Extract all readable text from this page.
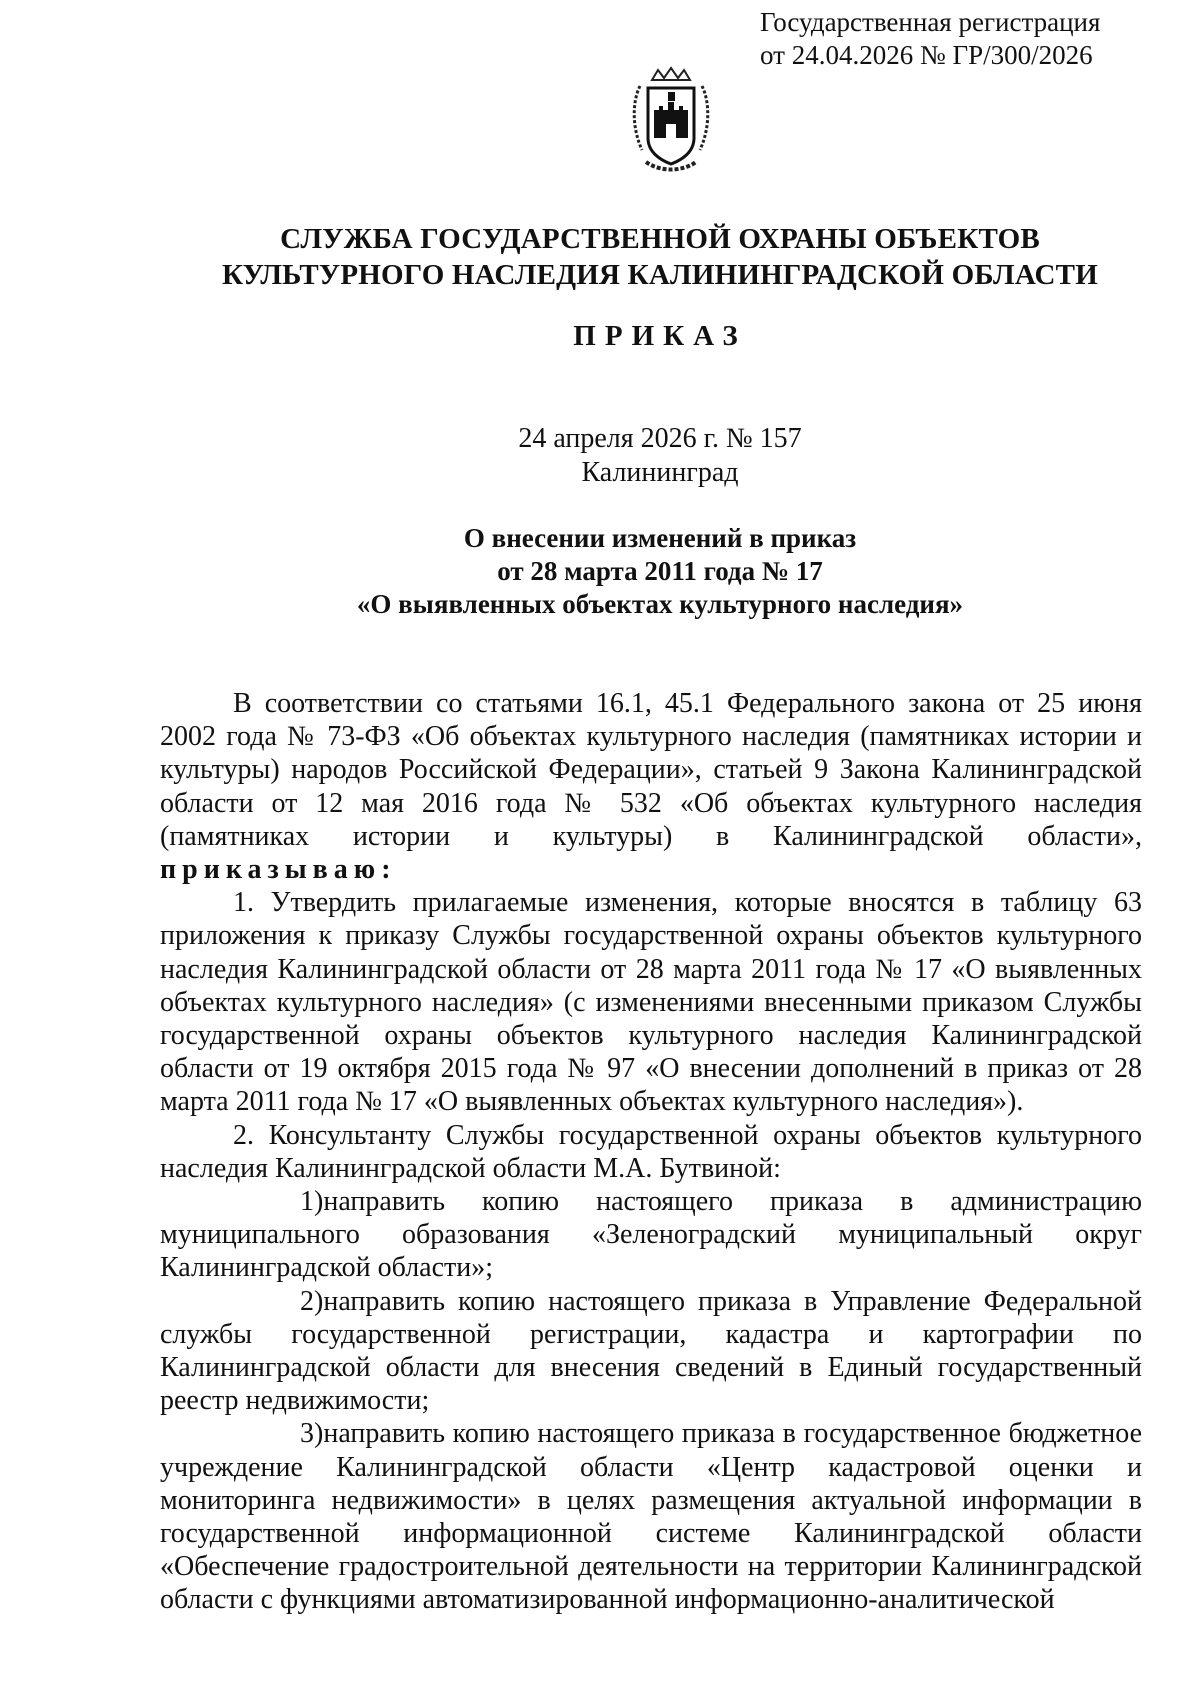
Государственная регистрация
от 24.04.2026 № ГР/300/2026
СЛУЖБА ГОСУДАРСТВЕННОЙ ОХРАНЫ ОБЪЕКТОВ
КУЛЬТУРНОГО НАСЛЕДИЯ КАЛИНИНГРАДСКОЙ ОБЛАСТИ
ПРИКАЗ
24 апреля 2026 г. № 157
Калининград
О внесении изменений в приказ
от 28 марта 2011 года № 17
«О выявленных объектах культурного наследия»

В соответствии со статьями 16.1, 45.1 Федерального закона от 25 июня 2002 года № 73-ФЗ «Об объектах культурного наследия (памятниках истории и культуры) народов Российской Федерации», статьей 9 Закона Калининградской области от 12 мая 2016 года № 532 «Об объектах культурного наследия (памятниках истории и культуры) в Калининградской области», приказываю:

1. Утвердить прилагаемые изменения, которые вносятся в таблицу 63 приложения к приказу Службы государственной охраны объектов культурного наследия Калининградской области от 28 марта 2011 года № 17 «О выявленных объектах культурного наследия» (с изменениями внесенными приказом Службы государственной охраны объектов культурного наследия Калининградской области от 19 октября 2015 года № 97 «О внесении дополнений в приказ от 28 марта 2011 года № 17 «О выявленных объектах культурного наследия»).

2. Консультанту Службы государственной охраны объектов культурного наследия Калининградской области М.А. Бутвиной:

1)направить копию настоящего приказа в администрацию муниципального образования «Зеленоградский муниципальный округ Калининградской области»;

2)направить копию настоящего приказа в Управление Федеральной службы государственной регистрации, кадастра и картографии по Калининградской области для внесения сведений в Единый государственный реестр недвижимости;

3)направить копию настоящего приказа в государственное бюджетное учреждение Калининградской области «Центр кадастровой оценки и мониторинга недвижимости» в целях размещения актуальной информации в государственной информационной системе Калининградской области «Обеспечение градостроительной деятельности на территории Калининградской области с функциями автоматизированной информационно-аналитической
